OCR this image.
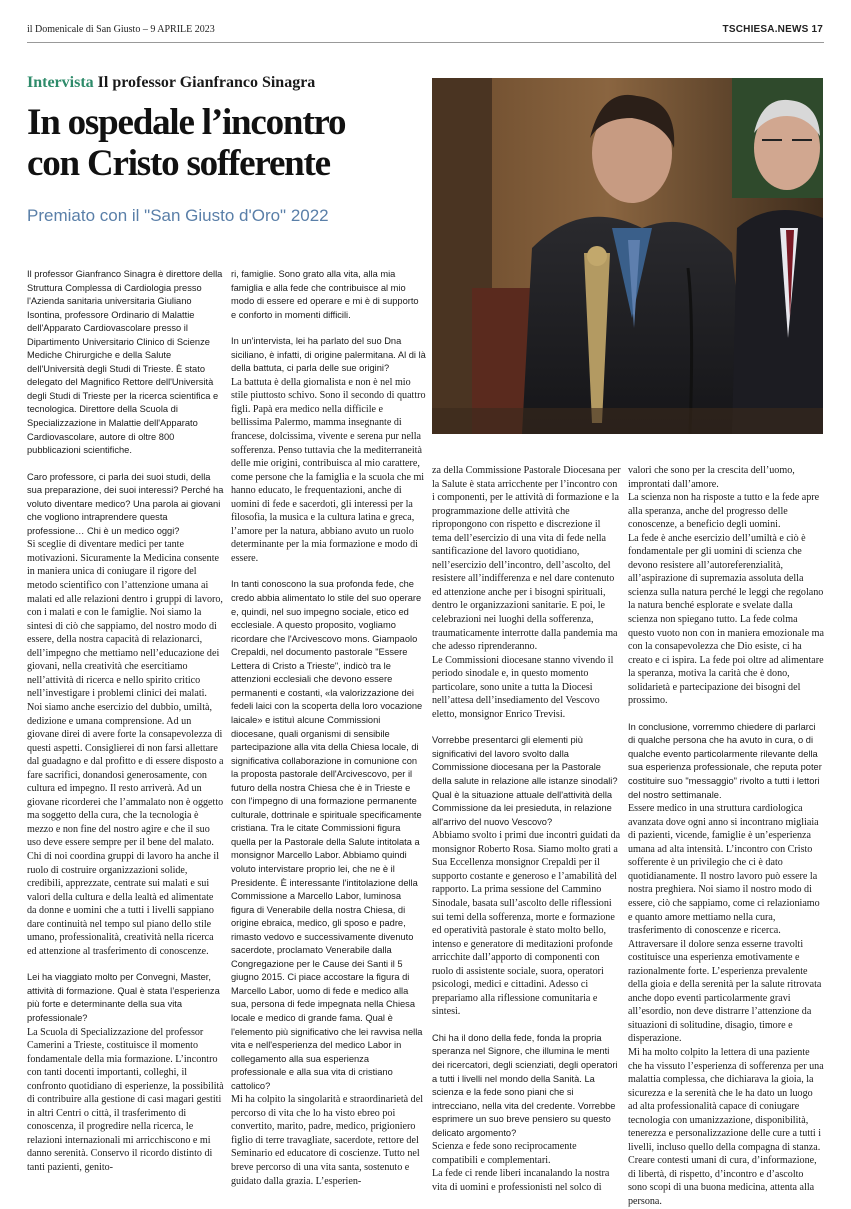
il Domenicale di San Giusto – 9 APRILE 2023	TSCHIESA.NEWS 17
Intervista Il professor Gianfranco Sinagra
In ospedale l’incontro
con Cristo sofferente
Premiato con il "San Giusto d'Oro" 2022

Il professor Gianfranco Sinagra è direttore della Struttura Complessa di Cardiologia presso l'Azienda sanitaria universitaria Giuliano Isontina, professore Ordinario di Malattie dell'Apparato Cardiovascolare presso il Dipartimento Universitario Clinico di Scienze Mediche Chirurgiche e della Salute dell'Università degli Studi di Trieste. È stato delegato del Magnifico Rettore dell'Università degli Studi di Trieste per la ricerca scientifica e tecnologica. Direttore della Scuola di Specializzazione in Malattie dell'Apparato Cardiovascolare, autore di oltre 800 pubblicazioni scientifiche.

Caro professore, ci parla dei suoi studi, della sua preparazione, dei suoi interessi? Perché ha voluto diventare medico? Una parola ai giovani che vogliono intraprendere questa professione… Chi è un medico oggi?

Si sceglie di diventare medici per tante motivazioni. Sicuramente la Medicina consente in maniera unica di coniugare il rigore del metodo scientifico con l’attenzione umana ai malati ed alle relazioni dentro i gruppi di lavoro, con i malati e con le famiglie. Noi siamo la sintesi di ciò che sappiamo, del nostro modo di essere, della nostra capacità di relazionarci, dell’impegno che mettiamo nell’educazione dei giovani, nella creatività che esercitiamo nell’attività di ricerca e nello spirito critico nell’investigare i problemi clinici dei malati. Noi siamo anche esercizio del dubbio, umiltà, dedizione e umana comprensione. Ad un giovane direi di avere forte la consapevolezza di questi aspetti. Consiglierei di non farsi allettare dal guadagno e dal profitto e di essere disposto a fare sacrifici, donandosi generosamente, con cultura ed impegno. Il resto arriverà. Ad un giovane ricorderei che l’ammalato non è oggetto ma soggetto della cura, che la tecnologia è mezzo e non fine del nostro agire e che il suo uso deve essere sempre per il bene del malato.

Chi di noi coordina gruppi di lavoro ha anche il ruolo di costruire organizzazioni solide, credibili, apprezzate, centrate sui malati e sui valori della cultura e della lealtà ed alimentate da donne e uomini che a tutti i livelli sappiano dare continuità nel tempo sul piano dello stile umano, professionalità, creatività nella ricerca ed attenzione al trasferimento di conoscenze.

Lei ha viaggiato molto per Convegni, Master, attività di formazione. Qual è stata l’esperienza più forte e determinante della sua vita professionale?

La Scuola di Specializzazione del professor Camerini a Trieste, costituisce il momento fondamentale della mia formazione. L’incontro con tanti docenti importanti, colleghi, il confronto quotidiano di esperienze, la possibilità di contribuire alla gestione di casi magari gestiti in altri Centri o città, il trasferimento di conoscenza, il progredire nella ricerca, le relazioni internazionali mi arricchiscono e mi danno serenità. Conservo il ricordo distinto di tanti pazienti, genito-

ri, famiglie. Sono grato alla vita, alla mia famiglia e alla fede che contribuisce al mio modo di essere ed operare e mi è di supporto e conforto in momenti difficili.

In un'intervista, lei ha parlato del suo Dna siciliano, è infatti, di origine palermitana. Al di là della battuta, ci parla delle sue origini?

La battuta è della giornalista e non è nel mio stile piuttosto schivo. Sono il secondo di quattro figli. Papà era medico nella difficile e bellissima Palermo, mamma insegnante di francese, dolcissima, vivente e serena pur nella sofferenza. Penso tuttavia che la mediterraneità delle mie origini, contribuisca al mio carattere, come persone che la famiglia e la scuola che mi hanno educato, le frequentazioni, anche di uomini di fede e sacerdoti, gli interessi per la filosofia, la musica e la cultura latina e greca, l’amore per la natura, abbiano avuto un ruolo determinante per la mia formazione e modo di essere.

In tanti conoscono la sua profonda fede, che credo abbia alimentato lo stile del suo operare e, quindi, nel suo impegno sociale, etico ed ecclesiale. A questo proposito, vogliamo ricordare che l'Arcivescovo mons. Giampaolo Crepaldi, nel documento pastorale "Essere Lettera di Cristo a Trieste", indicò tra le attenzioni ecclesiali che devono essere permanenti e costanti, «la valorizzazione dei fedeli laici con la scoperta della loro vocazione laicale» e istituì alcune Commissioni diocesane, quali organismi di sensibile partecipazione alla vita della Chiesa locale, di significativa collaborazione in comunione con la proposta pastorale dell'Arcivescovo, per il futuro della nostra Chiesa che è in Trieste e con l'impegno di una formazione permanente culturale, dottrinale e spirituale specificamente cristiana. Tra le citate Commissioni figura quella per la Pastorale della Salute intitolata a monsignor Marcello Labor. Abbiamo quindi voluto intervistare proprio lei, che ne è il Presidente. È interessante l'intitolazione della Commissione a Marcello Labor, luminosa figura di Venerabile della nostra Chiesa, di origine ebraica, medico, gli sposo e padre, rimasto vedovo e successivamente divenuto sacerdote, proclamato Venerabile dalla Congregazione per le Cause dei Santi il 5 giugno 2015. Ci piace accostare la figura di Marcello Labor, uomo di fede e medico alla sua, persona di fede impegnata nella Chiesa locale e medico di grande fama. Qual è l'elemento più significativo che lei ravvisa nella vita e nell'esperienza del medico Labor in collegamento alla sua esperienza professionale e alla sua vita di cristiano cattolico?

Mi ha colpito la singolarità e straordinarietà del percorso di vita che lo ha visto ebreo poi convertito, marito, padre, medico, prigioniero figlio di terre travagliate, sacerdote, rettore del Seminario ed educatore di coscienze. Tutto nel breve percorso di una vita santa, sostenuto e guidato dalla grazia. L’esperien-

za della Commissione Pastorale Diocesana per la Salute è stata arricchente per l’incontro con i componenti, per le attività di formazione e la programmazione delle attività che ripropongono con rispetto e discrezione il tema dell’esercizio di una vita di fede nella santificazione del lavoro quotidiano, nell’esercizio dell’incontro, dell’ascolto, del resistere all’indifferenza e nel dare contenuto ed attenzione anche per i bisogni spirituali, dentro le organizzazioni sanitarie. E poi, le celebrazioni nei luoghi della sofferenza, traumaticamente interrotte dalla pandemia ma che adesso riprenderanno.

Le Commissioni diocesane stanno vivendo il periodo sinodale e, in questo momento particolare, sono unite a tutta la Diocesi nell’attesa dell’insediamento del Vescovo eletto, monsignor Enrico Trevisi.

Vorrebbe presentarci gli elementi più significativi del lavoro svolto dalla Commissione diocesana per la Pastorale della salute in relazione alle istanze sinodali? Qual è la situazione attuale dell'attività della Commissione da lei presieduta, in relazione all'arrivo del nuovo Vescovo?

Abbiamo svolto i primi due incontri guidati da monsignor Roberto Rosa. Siamo molto grati a Sua Eccellenza monsignor Crepaldi per il supporto costante e generoso e l’amabilità del rapporto. La prima sessione del Cammino Sinodale, basata sull’ascolto delle riflessioni sui temi della sofferenza, morte e formazione ed operatività pastorale è stato molto bello, intenso e generatore di meditazioni profonde arricchite dall’apporto di componenti con ruolo di assistente sociale, suora, operatori psicologi, medici e cittadini. Adesso ci prepariamo alla riflessione comunitaria e sintesi.

Chi ha il dono della fede, fonda la propria speranza nel Signore, che illumina le menti dei ricercatori, degli scienziati, degli operatori a tutti i livelli nel mondo della Sanità. La scienza e la fede sono piani che si intrecciano, nella vita del credente. Vorrebbe esprimere un suo breve pensiero su questo delicato argomento?

Scienza e fede sono reciprocamente compatibili e complementari.

La fede ci rende liberi incanalando la nostra vita di uomini e professionisti nel solco di

valori che sono per la crescita dell’uomo, improntati dall’amore.

La scienza non ha risposte a tutto e la fede apre alla speranza, anche del progresso delle conoscenze, a beneficio degli uomini.

La fede è anche esercizio dell’umiltà e ciò è fondamentale per gli uomini di scienza che devono resistere all’autoreferenzialità, all’aspirazione di supremazia assoluta della scienza sulla natura perché le leggi che regolano la natura benché esplorate e svelate dalla scienza non spiegano tutto. La fede colma questo vuoto non con in maniera emozionale ma con la consapevolezza che Dio esiste, ci ha creato e ci ispira. La fede poi oltre ad alimentare la speranza, motiva la carità che è dono, solidarietà e partecipazione dei bisogni del prossimo.

In conclusione, vorremmo chiedere di parlarci di qualche persona che ha avuto in cura, o di qualche evento particolarmente rilevante della sua esperienza professionale, che reputa poter costituire suo "messaggio" rivolto a tutti i lettori del nostro settimanale.

Essere medico in una struttura cardiologica avanzata dove ogni anno si incontrano migliaia di pazienti, vicende, famiglie è un’esperienza umana ad alta intensità. L’incontro con Cristo sofferente è un privilegio che ci è dato quotidianamente. Il nostro lavoro può essere la nostra preghiera. Noi siamo il nostro modo di essere, ciò che sappiamo, come ci relazioniamo e quanto amore mettiamo nella cura, trasferimento di conoscenze e ricerca. Attraversare il dolore senza esserne travolti costituisce una esperienza emotivamente e razionalmente forte. L’esperienza prevalente della gioia e della serenità per la salute ritrovata anche dopo eventi particolarmente gravi all’esordio, non deve distrarre l’attenzione da situazioni di solitudine, disagio, timore e disperazione.

Mi ha molto colpito la lettera di una paziente che ha vissuto l’esperienza di sofferenza per una malattia complessa, che dichiarava la gioia, la sicurezza e la serenità che le ha dato un luogo ad alta professionalità capace di coniugare tecnologia con umanizzazione, disponibilità, tenerezza e personalizzazione delle cure a tutti i livelli, incluso quello della compagna di stanza. Creare contesti umani di cura, d’informazione, di libertà, di rispetto, d’incontro e d’ascolto sono scopi di una buona medicina, attenta alla persona.
